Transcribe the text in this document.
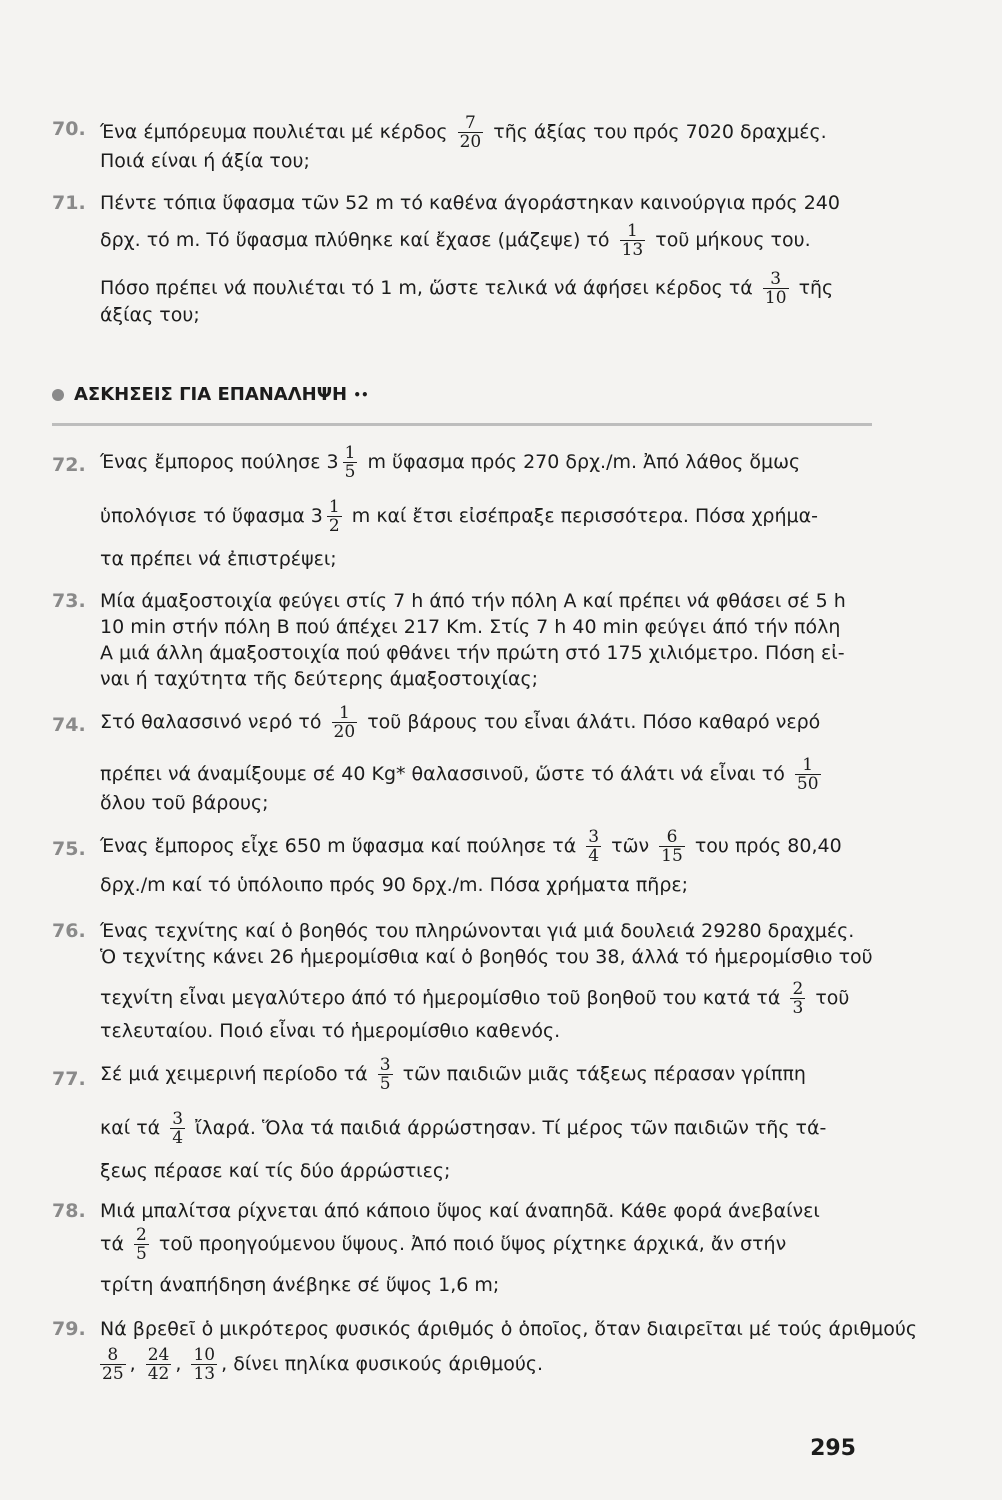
70. Ένα έμπόρευμα πουλιέται μέ κέρδος $\frac{7}{20}$ τῆς άξίας του πρός 7020 δραχμές.
Ποιά είναι ή άξία του;
71. Πέντε τόπια ὕφασμα τῶν 52 m τό καθένα άγοράστηκαν καινούργια πρός 240
δρχ. τό m. Τό ὕφασμα πλύθηκε καί ἔχασε (μάζεψε) τό $\frac{1}{13}$ τοῦ μήκους του.
Πόσο πρέπει νά πουλιέται τό 1 m, ὥστε τελικά νά άφήσει κέρδος τά $\frac{3}{10}$ τῆς
άξίας του;
ΑΣΚΗΣΕΙΣ ΓΙΑ ΕΠΑΝΑΛΗΨΗ ••
72. Ένας ἔμπορος πούλησε $3 \frac{1}{5}$ m ὕφασμα πρός 270 δρχ./m. Ἀπό λάθος ὅμως
ὑπολόγισε τό ὕφασμα $3 \frac{1}{2}$ m καί ἔτσι εἰσέπραξε περισσότερα. Πόσα χρήμα-
τα πρέπει νά ἐπιστρέψει;
73. Μία άμαξοστοιχία φεύγει στίς 7 h άπό τήν πόλη Α καί πρέπει νά φθάσει σέ 5 h
10 min στήν πόλη Β πού άπέχει 217 Km. Στίς 7 h 40 min φεύγει άπό τήν πόλη
Α μιά άλλη άμαξοστοιχία πού φθάνει τήν πρώτη στό 175 χιλιόμετρο. Πόση εἰ-
ναι ή ταχύτητα τῆς δεύτερης άμαξοστοιχίας;
74. Στό θαλασσινό νερό τό $\frac{1}{20}$ τοῦ βάρους του εἶναι άλάτι. Πόσο καθαρό νερό
πρέπει νά άναμίξουμε σέ 40 Kg* θαλασσινοῦ, ὥστε τό άλάτι νά εἶναι τό $\frac{1}{50}$
ὅλου τοῦ βάρους;
75. Ένας ἔμπορος εἶχε 650 m ὕφασμα καί πούλησε τά $\frac{3}{4}$ τῶν $\frac{6}{15}$ του πρός 80,40
δρχ./m καί τό ὑπόλοιπο πρός 90 δρχ./m. Πόσα χρήματα πῆρε;
76. Ένας τεχνίτης καί ὁ βοηθός του πληρώνονται γιά μιά δουλειά 29280 δραχμές.
Ὁ τεχνίτης κάνει 26 ἡμερομίσθια καί ὁ βοηθός του 38, άλλά τό ἡμερομίσθιο τοῦ
τεχνίτη εἶναι μεγαλύτερο άπό τό ἡμερομίσθιο τοῦ βοηθοῦ του κατά τά $\frac{2}{3}$ τοῦ
τελευταίου. Ποιό εἶναι τό ἡμερομίσθιο καθενός.
77. Σέ μιά χειμερινή περίοδο τά $\frac{3}{5}$ τῶν παιδιῶν μιᾶς τάξεως πέρασαν γρίππη
καί τά $\frac{3}{4}$ ἴλαρά. Ὅλα τά παιδιά άρρώστησαν. Τί μέρος τῶν παιδιῶν τῆς τά-
ξεως πέρασε καί τίς δύο άρρώστιες;
78. Μιά μπαλίτσα ρίχνεται άπό κάποιο ὕψος καί άναπηδᾶ. Κάθε φορά άνεβαίνει
τά $\frac{2}{5}$ τοῦ προηγούμενου ὕψους. Ἀπό ποιό ὕψος ρίχτηκε άρχικά, ἄν στήν
τρίτη άναπήδηση άνέβηκε σέ ὕψος 1,6 m;
79. Νά βρεθεῖ ὁ μικρότερος φυσικός άριθμός ὁ ὁποῖος, ὅταν διαιρεῖται μέ τούς άριθμούς
$\frac{8}{25}$ , $\frac{24}{42}$ , $\frac{10}{13}$ , δίνει πηλίκα φυσικούς άριθμούς.
295
